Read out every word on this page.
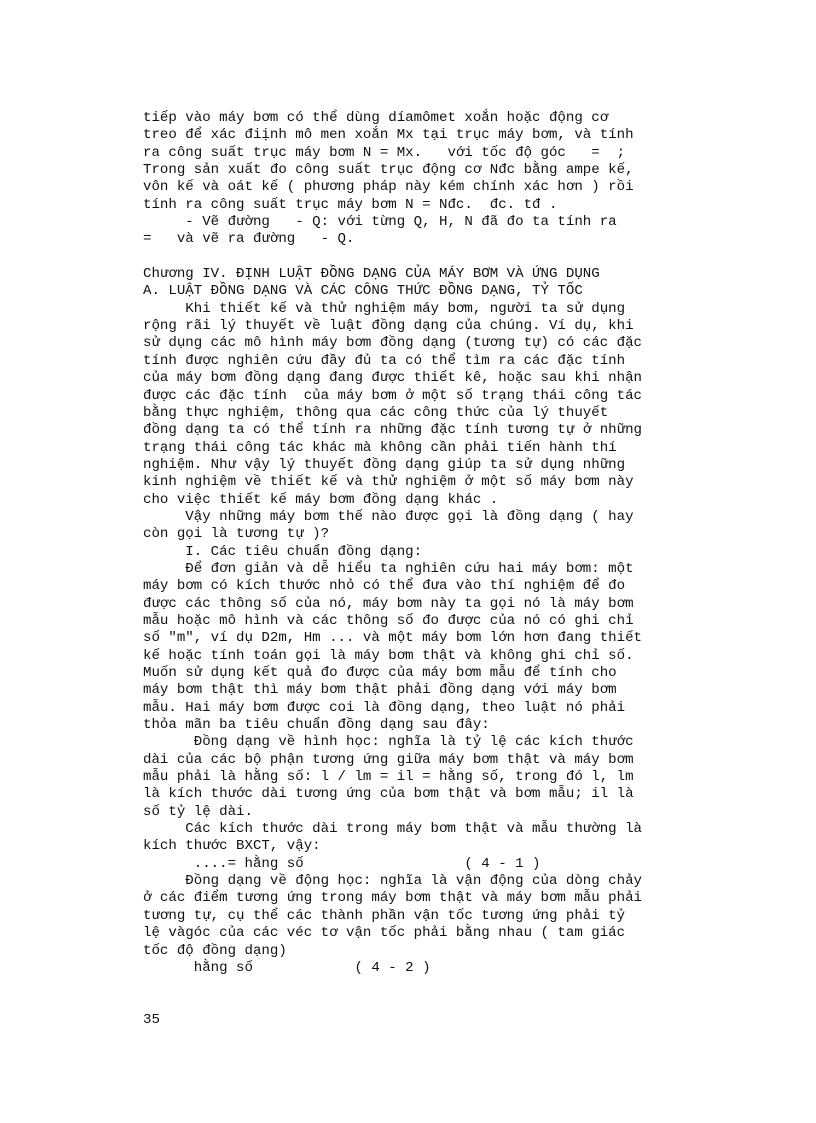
tiếp vào máy bơm có thể dùng díamômet xoắn hoặc động cơ
treo để xác điịnh mô men xoắn Mx tại trục máy bơm, và tính
ra công suất trục máy bơm N = Mx.   với tốc độ góc   =  ;
Trong sản xuất đo công suất trục động cơ Nđc bằng ampe kế,
vôn kế và oát kế ( phương pháp này kém chính xác hơn ) rồi
tính ra công suất trục máy bơm N = Nđc.  đc. tđ .
- Vẽ đường   - Q: với từng Q, H, N đã đo ta tính ra
=   và vẽ ra đường   - Q.
Chương IV. ĐỊNH LUẬT ĐỒNG DẠNG CỦA MÁY BƠM VÀ ỨNG DỤNG
A. LUẬT ĐỒNG DẠNG VÀ CÁC CÔNG THỨC ĐỒNG DẠNG, TỶ TỐC
Khi thiết kế và thử nghiệm máy bơm, người ta sử dụng
rộng rãi lý thuyết về luật đồng dạng của chúng. Ví dụ, khi
sử dụng các mô hình máy bơm đồng dạng (tương tự) có các đặc
tính được nghiên cứu đầy đủ ta có thể tìm ra các đặc tính
của máy bơm đồng dạng đang được thiết kê, hoặc sau khi nhận
được các đặc tính  của máy bơm ở một số trạng thái công tác
bằng thực nghiệm, thông qua các công thức của lý thuyết
đồng dạng ta có thể tính ra những đặc tính tương tự ở những
trạng thái công tác khác mà không cần phải tiến hành thí
nghiệm. Như vậy lý thuyết đồng dạng giúp ta sử dụng những
kinh nghiệm về thiết kế và thử nghiệm ở một số máy bơm này
cho việc thiết kế máy bơm đồng dạng khác .
Vậy những máy bơm thế nào được gọi là đồng dạng ( hay
còn gọi là tương tự )?
I. Các tiêu chuẩn đồng dạng:
Để đơn giản và dễ hiểu ta nghiên cứu hai máy bơm: một
máy bơm có kích thước nhỏ có thể đưa vào thí nghiệm để đo
được các thông số của nó, máy bơm này ta gọi nó là máy bơm
mẫu hoặc mô hình và các thông số đo được của nó có ghi chỉ
số "m", ví dụ D2m, Hm ... và một máy bơm lớn hơn đang thiết
kế hoặc tính toán gọi là máy bơm thật và không ghi chỉ số.
Muốn sử dụng kết quả đo được của máy bơm mẫu để tính cho
máy bơm thật thì máy bơm thật phải đồng dạng với máy bơm
mẫu. Hai máy bơm được coi là đồng dạng, theo luật nó phải
thỏa mãn ba tiêu chuẩn đồng dạng sau đây:
Đồng dạng về hình học: nghĩa là tỷ lệ các kích thước
dài của các bộ phận tương ứng giữa máy bơm thật và máy bơm
mẫu phải là hằng số: l / lm = il = hằng số, trong đó l, lm
là kích thước dài tương ứng của bơm thật và bơm mẫu; il là
số tỷ lệ dài.
Các kích thước dài trong máy bơm thật và mẫu thường là
kích thước BXCT, vậy:
....= hằng số                   ( 4 - 1 )
Đồng dạng về động học: nghĩa là vận động của dòng chảy
ở các điểm tương ứng trong máy bơm thật và máy bơm mẫu phải
tương tự, cụ thể các thành phần vận tốc tương ứng phải tỷ
lệ vàgóc của các véc tơ vận tốc phải bằng nhau ( tam giác
tốc độ đồng dạng)
hằng số            ( 4 - 2 )
35
